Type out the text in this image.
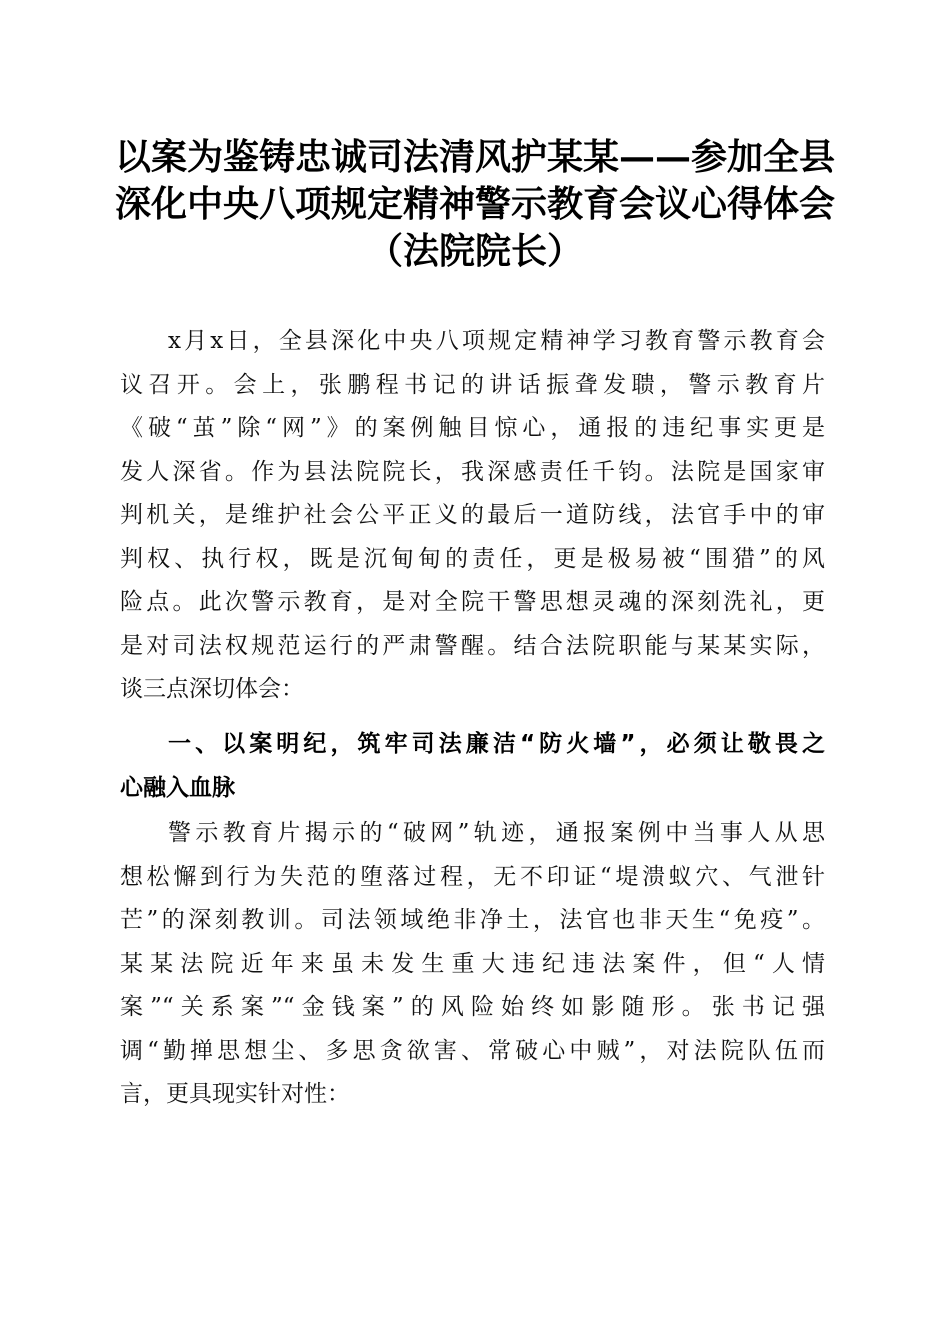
以案为鉴铸忠诚司法清风护某某——参加全县
深化中央八项规定精神警示教育会议心得体会
（法院院长）
x月x日，全县深化中央八项规定精神学习教育警示教育会
议召开。会上，张鹏程书记的讲话振聋发聩，警示教育片
《破“茧”除“网”》的案例触目惊心，通报的违纪事实更是
发人深省。作为县法院院长，我深感责任千钧。法院是国家审
判机关，是维护社会公平正义的最后一道防线，法官手中的审
判权、执行权，既是沉甸甸的责任，更是极易被“围猎”的风
险点。此次警示教育，是对全院干警思想灵魂的深刻洗礼，更
是对司法权规范运行的严肃警醒。结合法院职能与某某实际，
谈三点深切体会：
一、以案明纪，筑牢司法廉洁“防火墙”，必须让敬畏之
心融入血脉
警示教育片揭示的“破网”轨迹，通报案例中当事人从思
想松懈到行为失范的堕落过程，无不印证“堤溃蚁穴、气泄针
芒”的深刻教训。司法领域绝非净土，法官也非天生“免疫”。
某某法院近年来虽未发生重大违纪违法案件，但“人情
案”“关系案”“金钱案”的风险始终如影随形。张书记强
调“勤掸思想尘、多思贪欲害、常破心中贼”，对法院队伍而
言，更具现实针对性：
